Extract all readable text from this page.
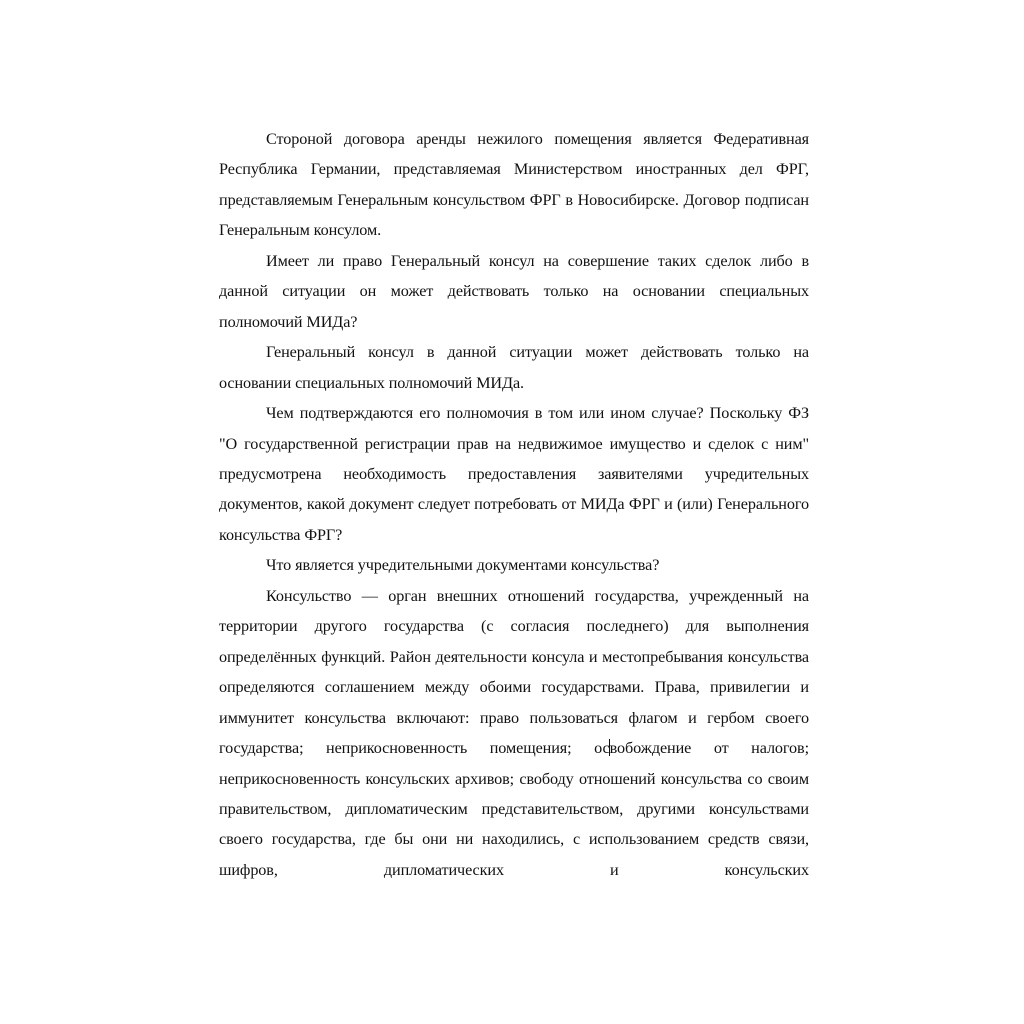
Стороной договора аренды нежилого помещения является Федеративная Республика Германии, представляемая Министерством иностранных дел ФРГ, представляемым Генеральным консульством ФРГ в Новосибирске. Договор подписан Генеральным консулом.

Имеет ли право Генеральный консул на совершение таких сделок либо в данной ситуации он может действовать только на основании специальных полномочий МИДа?

Генеральный консул в данной ситуации может действовать только на основании специальных полномочий МИДа.

Чем подтверждаются его полномочия в том или ином случае? Поскольку ФЗ "О государственной регистрации прав на недвижимое имущество и сделок с ним" предусмотрена необходимость предоставления заявителями учредительных документов, какой документ следует потребовать от МИДа ФРГ и (или) Генерального консульства ФРГ?

Что является учредительными документами консульства?

Консульство — орган внешних отношений государства, учрежденный на территории другого государства (с согласия последнего) для выполнения определённых функций. Район деятельности консула и местопребывания консульства определяются соглашением между обоими государствами. Права, привилегии и иммунитет консульства включают: право пользоваться флагом и гербом своего государства; неприкосновенность помещения; освобождение от налогов; неприкосновенность консульских архивов; свободу отношений консульства со своим правительством, дипломатическим представительством, другими консульствами своего государства, где бы они ни находились, с использованием средств связи, шифров, дипломатических и консульских
